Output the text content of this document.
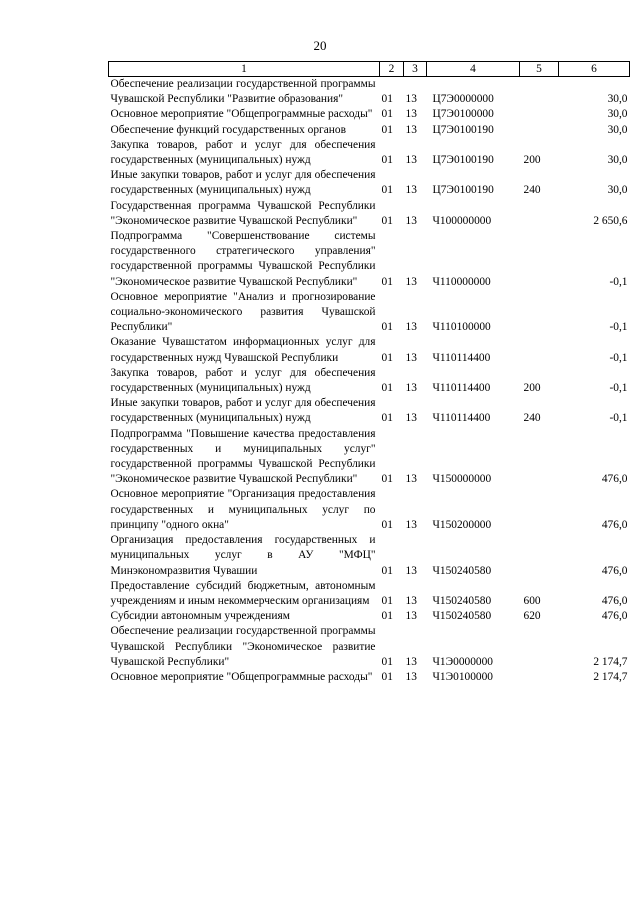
20
1	2	3	4	5	6
Обеспечение реализации государственной программы Чувашской Республики "Развитие образования"	01	13	Ц7Э0000000		30,0
Основное мероприятие "Общепрограммные расходы"	01	13	Ц7Э0100000		30,0
Обеспечение функций государственных органов	01	13	Ц7Э0100190		30,0
Закупка товаров, работ и услуг для обеспечения государственных (муниципальных) нужд	01	13	Ц7Э0100190	200	30,0
Иные закупки товаров, работ и услуг для обеспечения государственных (муниципальных) нужд	01	13	Ц7Э0100190	240	30,0
Государственная программа Чувашской Республики "Экономическое развитие Чувашской Республики"	01	13	Ч100000000		2 650,6
Подпрограмма "Совершенствование системы государственного стратегического управления" государственной программы Чувашской Республики "Экономическое развитие Чувашской Республики"	01	13	Ч110000000		-0,1
Основное мероприятие "Анализ и прогнозирование социально-экономического развития Чувашской Республики"	01	13	Ч110100000		-0,1
Оказание Чувашстатом информационных услуг для государственных нужд Чувашской Республики	01	13	Ч110114400		-0,1
Закупка товаров, работ и услуг для обеспечения государственных (муниципальных) нужд	01	13	Ч110114400	200	-0,1
Иные закупки товаров, работ и услуг для обеспечения государственных (муниципальных) нужд	01	13	Ч110114400	240	-0,1
Подпрограмма "Повышение качества предоставления государственных и муниципальных услуг" государственной программы Чувашской Республики "Экономическое развитие Чувашской Республики"	01	13	Ч150000000		476,0
Основное мероприятие "Организация предоставления государственных и муниципальных услуг по принципу "одного окна"	01	13	Ч150200000		476,0
Организация предоставления государственных и муниципальных услуг в АУ "МФЦ" Минэкономразвития Чувашии	01	13	Ч150240580		476,0
Предоставление субсидий бюджетным, автономным учреждениям и иным некоммерческим организациям	01	13	Ч150240580	600	476,0
Субсидии автономным учреждениям	01	13	Ч150240580	620	476,0
Обеспечение реализации государственной программы Чувашской Республики "Экономическое развитие Чувашской Республики"	01	13	Ч1Э0000000		2 174,7
Основное мероприятие "Общепрограммные расходы"	01	13	Ч1Э0100000		2 174,7
